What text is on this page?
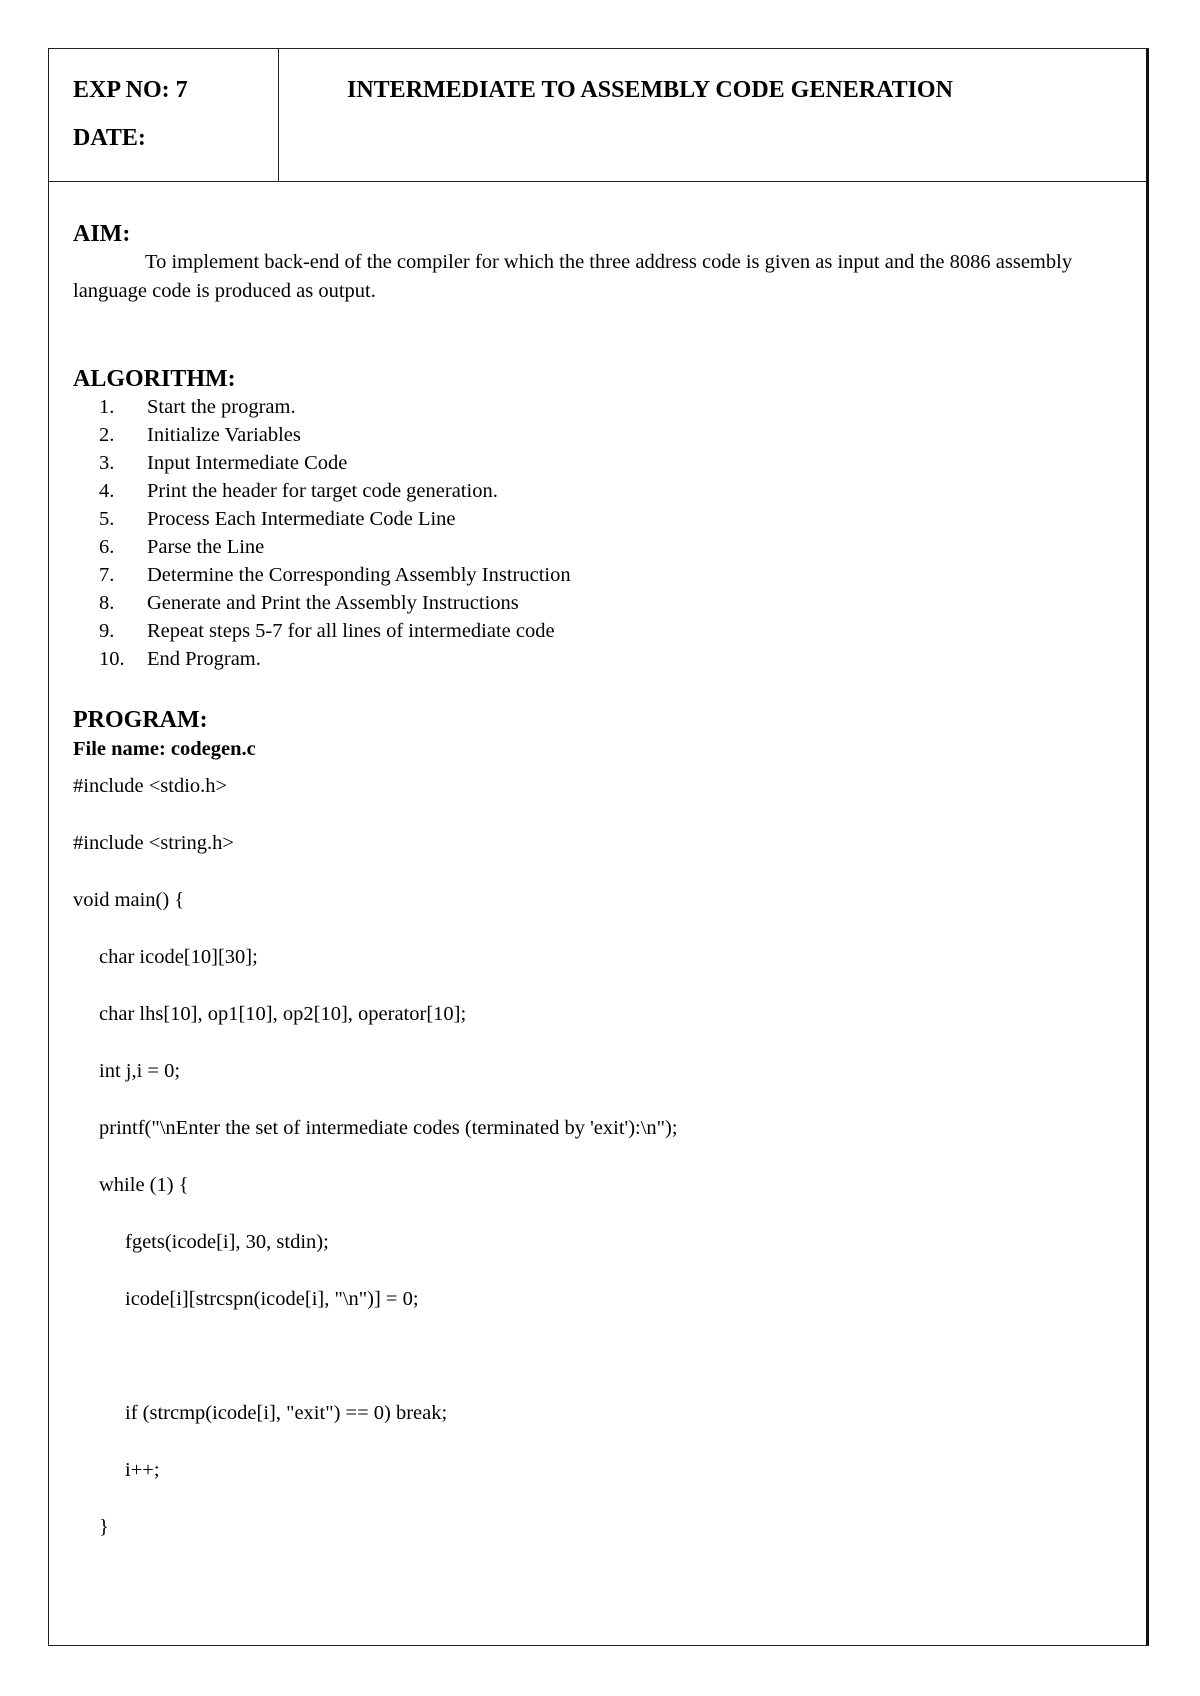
EXP NO: 7
DATE:
INTERMEDIATE TO ASSEMBLY CODE GENERATION
AIM:

To implement back-end of the compiler for which the three address code is given as input and the 8086 assembly language code is produced as output.

ALGORITHM:
1. Start the program.
2. Initialize Variables
3. Input Intermediate Code
4. Print the header for target code generation.
5. Process Each Intermediate Code Line
6. Parse the Line
7. Determine the Corresponding Assembly Instruction
8. Generate and Print the Assembly Instructions
9. Repeat steps 5-7 for all lines of intermediate code
10. End Program.
PROGRAM:

File name: codegen.c

#include <stdio.h>
#include <string.h>
void main() {
char icode[10][30];
char lhs[10], op1[10], op2[10], operator[10];
int j,i = 0;
printf("\nEnter the set of intermediate codes (terminated by 'exit'):\n");
while (1) {
fgets(icode[i], 30, stdin);
icode[i][strcspn(icode[i], "\n")] = 0;
if (strcmp(icode[i], "exit") == 0) break;
i++;
}
